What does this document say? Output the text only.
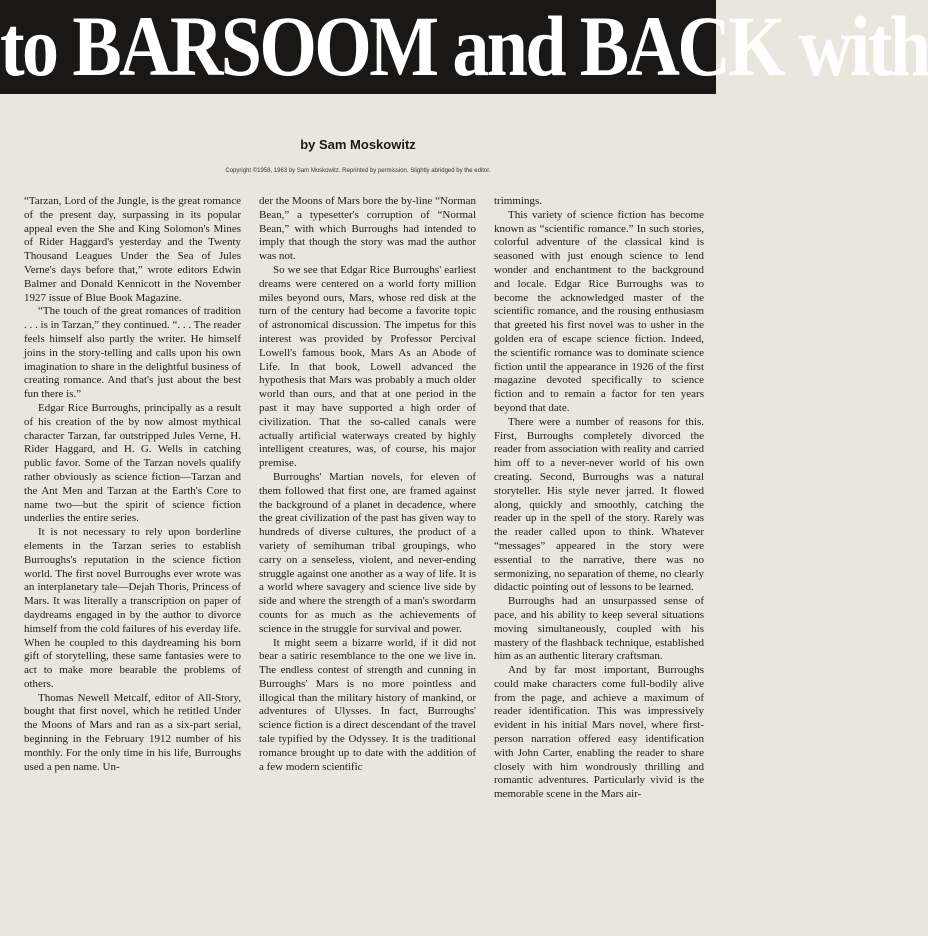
to BARSOOM and BACK with
by Sam Moskowitz
Copyright ©1958, 1963 by Sam Moskowitz. Reprinted by permission. Slightly abridged by the editor.

“Tarzan, Lord of the Jungle, is the great romance of the present day, surpassing in its popular appeal even the She and King Solomon's Mines of Rider Haggard's yesterday and the Twenty Thousand Leagues Under the Sea of Jules Verne's days before that,” wrote editors Edwin Balmer and Donald Kennicott in the November 1927 issue of Blue Book Magazine.

“The touch of the great romances of tradition . . . is in Tarzan,” they continued. “. . . The reader feels himself also partly the writer. He himself joins in the story-telling and calls upon his own imagination to share in the delightful business of creating romance. And that's just about the best fun there is.”

Edgar Rice Burroughs, principally as a result of his creation of the by now almost mythical character Tarzan, far outstripped Jules Verne, H. Rider Haggard, and H. G. Wells in catching public favor. Some of the Tarzan novels qualify rather obviously as science fiction—Tarzan and the Ant Men and Tarzan at the Earth's Core to name two—but the spirit of science fiction underlies the entire series.

It is not necessary to rely upon borderline elements in the Tarzan series to establish Burroughs's reputation in the science fiction world. The first novel Burroughs ever wrote was an interplanetary tale—Dejah Thoris, Princess of Mars. It was literally a transcription on paper of daydreams engaged in by the author to divorce himself from the cold failures of his everday life. When he coupled to this daydreaming his born gift of storytelling, these same fantasies were to act to make more bearable the problems of others.

Thomas Newell Metcalf, editor of All-Story, bought that first novel, which he retitled Under the Moons of Mars and ran as a six-part serial, beginning in the February 1912 number of his monthly. For the only time in his life, Burroughs used a pen name. Un-

der the Moons of Mars bore the by-line “Norman Bean,” a typesetter's corruption of “Normal Bean,” with which Burroughs had intended to imply that though the story was mad the author was not.

So we see that Edgar Rice Burroughs' earliest dreams were centered on a world forty million miles beyond ours, Mars, whose red disk at the turn of the century had become a favorite topic of astronomical discussion. The impetus for this interest was provided by Professor Percival Lowell's famous book, Mars As an Abode of Life. In that book, Lowell advanced the hypothesis that Mars was probably a much older world than ours, and that at one period in the past it may have supported a high order of civilization. That the so-called canals were actually artificial waterways created by highly intelligent creatures, was, of course, his major premise.

Burroughs' Martian novels, for eleven of them followed that first one, are framed against the background of a planet in decadence, where the great civilization of the past has given way to hundreds of diverse cultures, the product of a variety of semihuman tribal groupings, who carry on a senseless, violent, and never-ending struggle against one another as a way of life. It is a world where savagery and science live side by side and where the strength of a man's swordarm counts for as much as the achievements of science in the struggle for survival and power.

It might seem a bizarre world, if it did not bear a satiric resemblance to the one we live in. The endless contest of strength and cunning in Burroughs' Mars is no more pointless and illogical than the military history of mankind, or adventures of Ulysses. In fact, Burroughs' science fiction is a direct descendant of the travel tale typified by the Odyssey. It is the traditional romance brought up to date with the addition of a few modern scientific

trimmings.

This variety of science fiction has become known as “scientific romance.” In such stories, colorful adventure of the classical kind is seasoned with just enough science to lend wonder and enchantment to the background and locale. Edgar Rice Burroughs was to become the acknowledged master of the scientific romance, and the rousing enthusiasm that greeted his first novel was to usher in the golden era of escape science fiction. Indeed, the scientific romance was to dominate science fiction until the appearance in 1926 of the first magazine devoted specifically to science fiction and to remain a factor for ten years beyond that date.

There were a number of reasons for this. First, Burroughs completely divorced the reader from association with reality and carried him off to a never-never world of his own creating. Second, Burroughs was a natural storyteller. His style never jarred. It flowed along, quickly and smoothly, catching the reader up in the spell of the story. Rarely was the reader called upon to think. Whatever “messages” appeared in the story were essential to the narrative, there was no sermonizing, no separation of theme, no clearly didactic pointing out of lessons to be learned.

Burroughs had an unsurpassed sense of pace, and his ability to keep several situations moving simultaneously, coupled with his mastery of the flashback technique, established him as an authentic literary craftsman.

And by far most important, Burroughs could make characters come full-bodily alive from the page, and achieve a maximum of reader identification. This was impressively evident in his initial Mars novel, where first-person narration offered easy identification with John Carter, enabling the reader to share closely with him wondrously thrilling and romantic adventures. Particularly vivid is the memorable scene in the Mars air-
